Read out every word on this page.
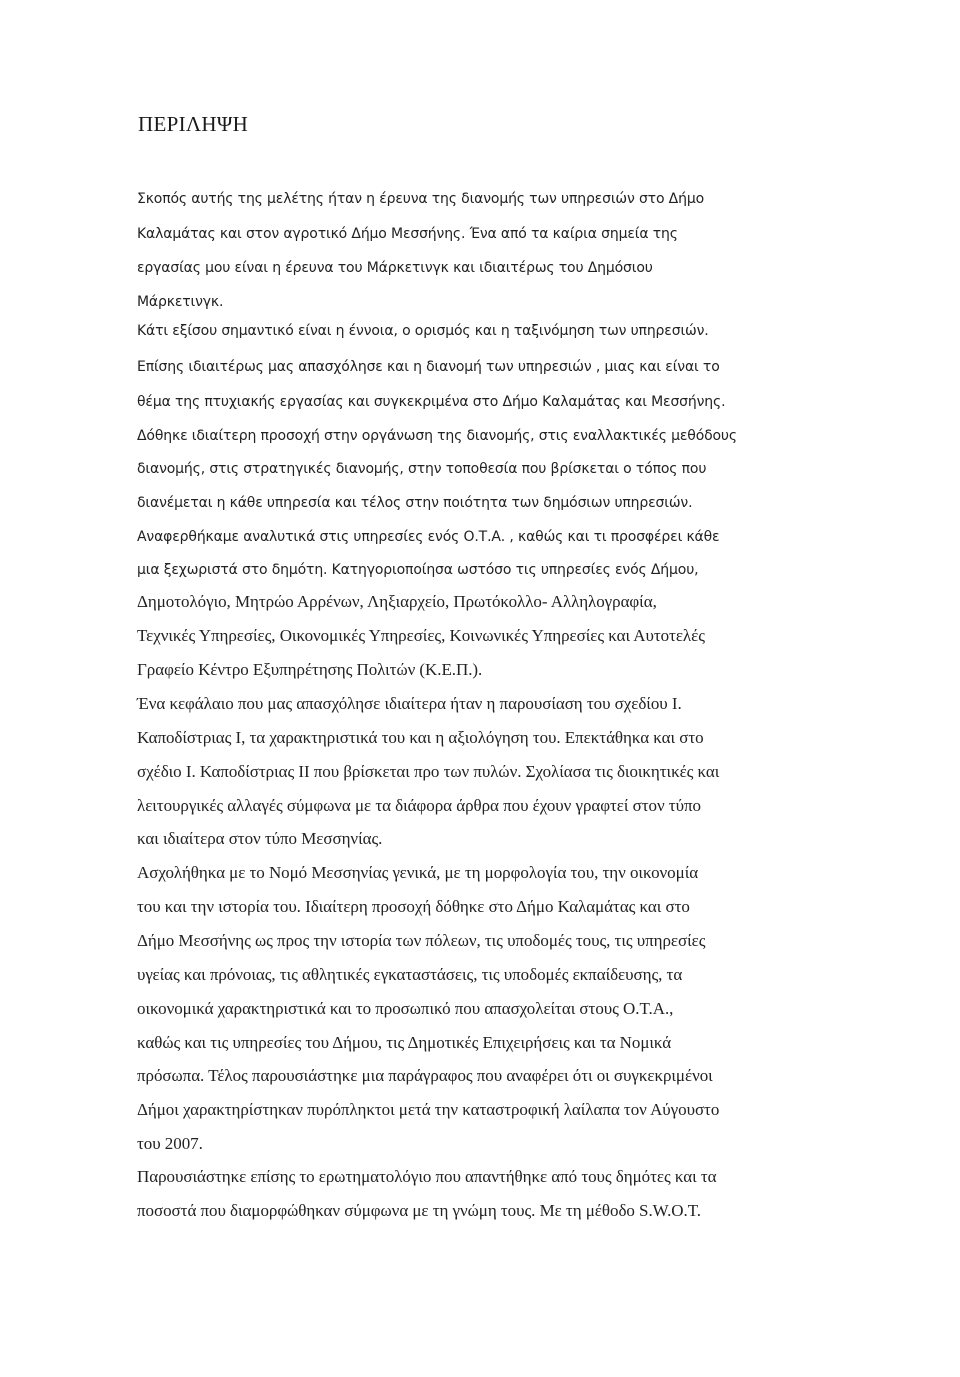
ΠΕΡΙΛΗΨΗ
Σκοπός αυτής της μελέτης ήταν η έρευνα της διανομής των υπηρεσιών στο Δήμο
Καλαμάτας και στον αγροτικό Δήμο Μεσσήνης. Ένα από τα καίρια σημεία της
εργασίας μου είναι η έρευνα του Μάρκετινγκ και ιδιαιτέρως του Δημόσιου
Μάρκετινγκ.
Κάτι εξίσου σημαντικό είναι η έννοια, ο ορισμός και η ταξινόμηση των υπηρεσιών.
Επίσης ιδιαιτέρως μας απασχόλησε και η διανομή των υπηρεσιών , μιας και είναι το
θέμα της πτυχιακής εργασίας και συγκεκριμένα στο Δήμο Καλαμάτας και Μεσσήνης.
Δόθηκε ιδιαίτερη προσοχή στην οργάνωση της διανομής, στις εναλλακτικές μεθόδους
διανομής, στις στρατηγικές διανομής, στην τοποθεσία που βρίσκεται ο τόπος που
διανέμεται η κάθε υπηρεσία και τέλος στην ποιότητα των δημόσιων υπηρεσιών.
Αναφερθήκαμε αναλυτικά στις υπηρεσίες ενός Ο.Τ.Α. , καθώς και τι προσφέρει κάθε
μια ξεχωριστά στο δημότη. Κατηγοριοποίησα ωστόσο τις υπηρεσίες ενός Δήμου,
Δημοτολόγιο, Μητρώο Αρρένων, Ληξιαρχείο, Πρωτόκολλο- Αλληλογραφία,
Τεχνικές Υπηρεσίες, Οικονομικές Υπηρεσίες, Κοινωνικές Υπηρεσίες και Αυτοτελές
Γραφείο Κέντρο Εξυπηρέτησης Πολιτών (Κ.Ε.Π.).
Ένα κεφάλαιο που μας απασχόλησε ιδιαίτερα ήταν η παρουσίαση του σχεδίου Ι.
Καποδίστριας Ι, τα χαρακτηριστικά του και η αξιολόγηση του. Επεκτάθηκα και στο
σχέδιο Ι. Καποδίστριας ΙΙ που βρίσκεται προ των πυλών. Σχολίασα τις διοικητικές και
λειτουργικές αλλαγές σύμφωνα με τα διάφορα άρθρα που έχουν γραφτεί στον τύπο
και ιδιαίτερα στον τύπο Μεσσηνίας.
Ασχολήθηκα με το Νομό Μεσσηνίας γενικά, με τη μορφολογία του, την οικονομία
του και την ιστορία του. Ιδιαίτερη προσοχή δόθηκε στο Δήμο Καλαμάτας και στο
Δήμο Μεσσήνης ως προς την ιστορία των πόλεων, τις υποδομές τους, τις υπηρεσίες
υγείας και πρόνοιας, τις αθλητικές εγκαταστάσεις, τις υποδομές εκπαίδευσης, τα
οικονομικά χαρακτηριστικά και το προσωπικό που απασχολείται στους Ο.Τ.Α.,
καθώς και τις υπηρεσίες του Δήμου, τις Δημοτικές Επιχειρήσεις και τα Νομικά
πρόσωπα. Τέλος παρουσιάστηκε μια παράγραφος που αναφέρει ότι οι συγκεκριμένοι
Δήμοι χαρακτηρίστηκαν πυρόπληκτοι μετά την καταστροφική λαίλαπα τον Αύγουστο
του 2007.
Παρουσιάστηκε επίσης το ερωτηματολόγιο που απαντήθηκε από τους δημότες και τα
ποσοστά που διαμορφώθηκαν σύμφωνα με τη γνώμη τους. Με τη μέθοδο S.W.O.T.
